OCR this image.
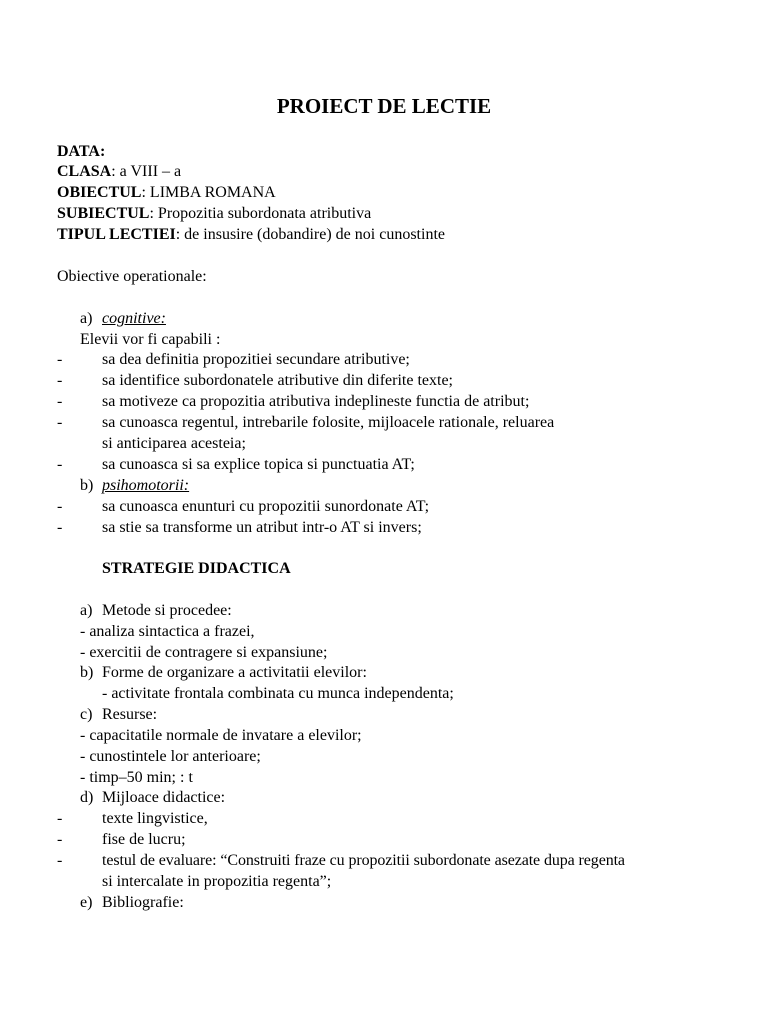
PROIECT DE LECTIE
DATA:
CLASA: a VIII – a
OBIECTUL: LIMBA ROMANA
SUBIECTUL: Propozitia subordonata atributiva
TIPUL LECTIEI: de insusire (dobandire) de noi cunostinte
Obiective operationale:
a) cognitive:
Elevii vor fi capabili :
- sa dea definitia propozitiei secundare atributive;
- sa identifice subordonatele atributive din diferite texte;
- sa motiveze ca propozitia atributiva indeplineste functia de atribut;
- sa cunoasca regentul, intrebarile folosite, mijloacele rationale, reluarea
si anticiparea acesteia;
- sa cunoasca si sa explice topica si punctuatia AT;
b) psihomotorii:
- sa cunoasca enunturi cu propozitii sunordonate AT;
- sa stie sa transforme un atribut intr-o AT si invers;
STRATEGIE DIDACTICA
a) Metode si procedee:
- analiza sintactica a frazei,
- exercitii de contragere si expansiune;
b) Forme de organizare a activitatii elevilor:
- activitate frontala combinata cu munca independenta;
c) Resurse:
- capacitatile normale de invatare a elevilor;
- cunostintele lor anterioare;
- timp–50 min; : t
d) Mijloace didactice:
- texte lingvistice,
- fise de lucru;
- testul de evaluare: “Construiti fraze cu propozitii subordonate asezate dupa regenta
si intercalate in propozitia regenta”;
e) Bibliografie:
